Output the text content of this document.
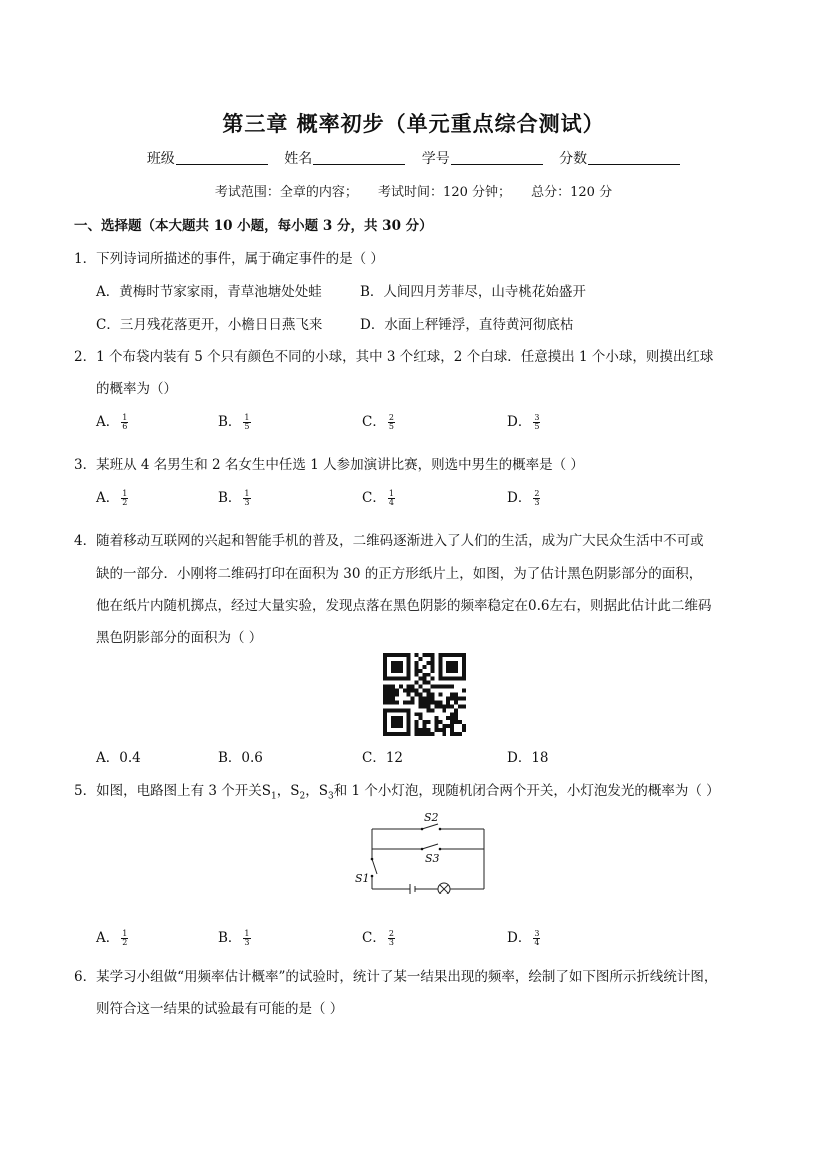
第三章 概率初步（单元重点综合测试）
班级	姓名	学号	分数
考试范围：全章的内容； 考试时间：120 分钟； 总分：120 分
一、选择题（本大题共 10 小题，每小题 3 分，共 30 分）
1．下列诗词所描述的事件，属于确定事件的是（ ）
A．黄梅时节家家雨，青草池塘处处蛙	B．人间四月芳菲尽，山寺桃花始盛开
C．三月残花落更开，小檐日日燕飞来	D．水面上秤锤浮，直待黄河彻底枯
2．1 个布袋内装有 5 个只有颜色不同的小球，其中 3 个红球，2 个白球．任意摸出 1 个小球，则摸出红球
的概率为（）
A． $\frac{1}{6}$	B． $\frac{1}{5}$	C． $\frac{2}{5}$	D． $\frac{3}{5}$
3．某班从 4 名男生和 2 名女生中任选 1 人参加演讲比赛，则选中男生的概率是（ ）
A． $\frac{1}{2}$	B． $\frac{1}{3}$	C． $\frac{1}{4}$	D． $\frac{2}{3}$
4．随着移动互联网的兴起和智能手机的普及，二维码逐渐进入了人们的生活，成为广大民众生活中不可或
缺的一部分．小刚将二维码打印在面积为 30 的正方形纸片上，如图，为了估计黑色阴影部分的面积，
他在纸片内随机掷点，经过大量实验，发现点落在黑色阴影的频率稳定在0.6左右，则据此估计此二维码
黑色阴影部分的面积为（ ）
A．0.4	B．0.6	C．12	D．18
5．如图，电路图上有 3 个开关$S_1$，$S_2$，$S_3$和 1 个小灯泡，现随机闭合两个开关，小灯泡发光的概率为（ ）
S2
S3
S1
A． $\frac{1}{2}$	B． $\frac{1}{3}$	C． $\frac{2}{3}$	D． $\frac{3}{4}$
6．某学习小组做“用频率估计概率”的试验时，统计了某一结果出现的频率，绘制了如下图所示折线统计图，
则符合这一结果的试验最有可能的是（ ）
